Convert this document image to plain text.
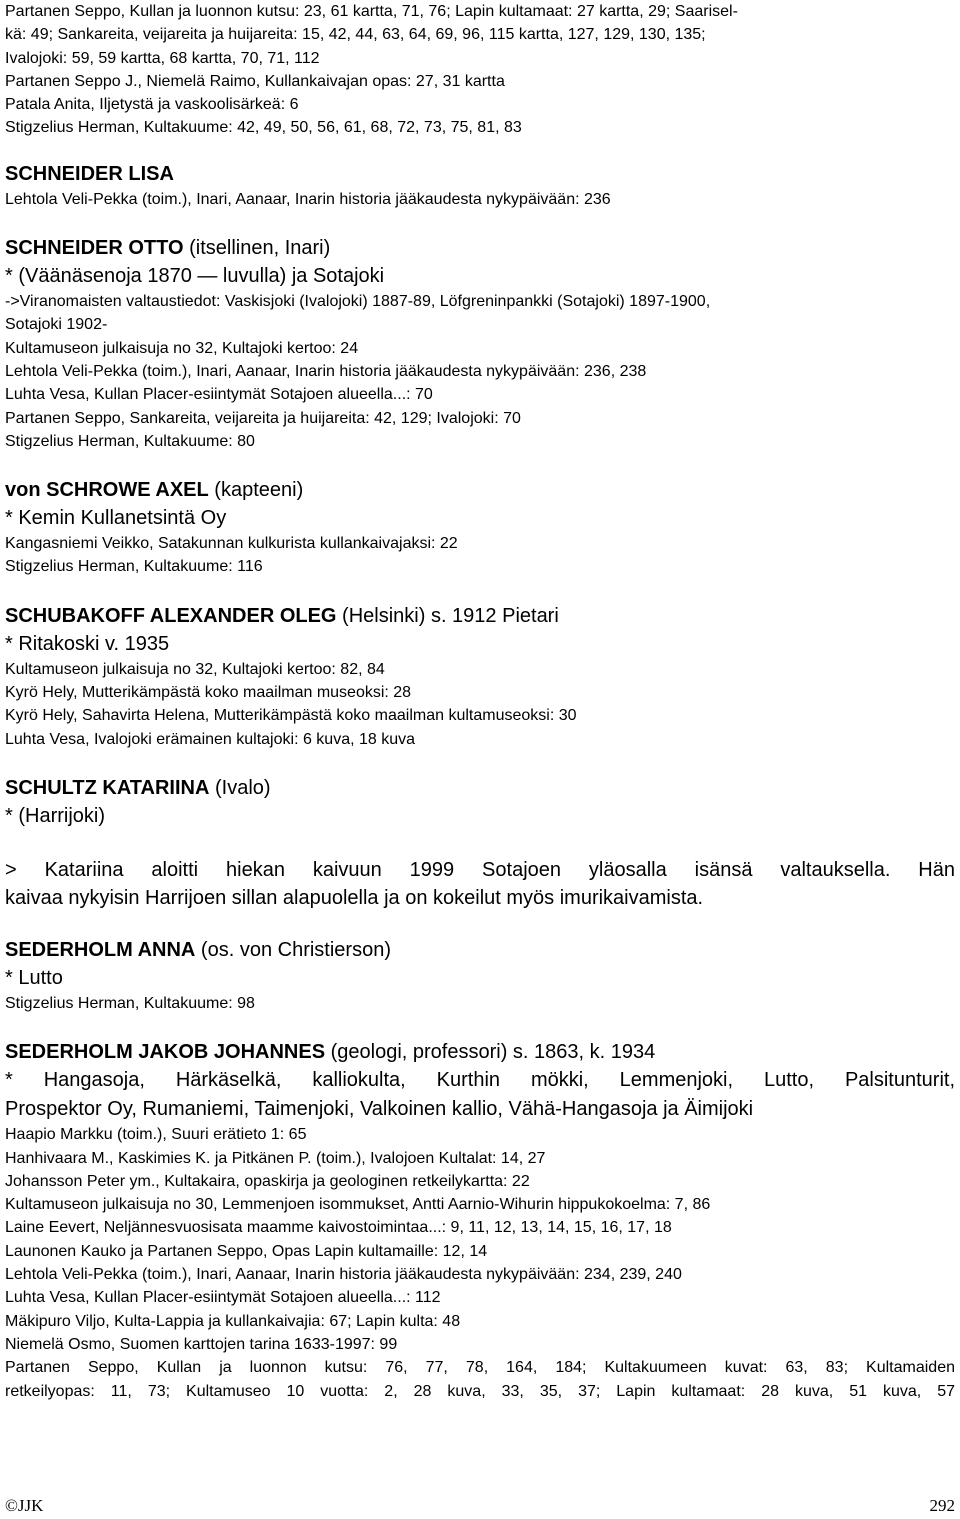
Partanen Seppo, Kullan ja luonnon kutsu: 23, 61 kartta, 71, 76; Lapin kultamaat: 27 kartta, 29; Saarisel-
kä: 49; Sankareita, veijareita ja huijareita: 15, 42, 44, 63, 64, 69, 96, 115 kartta, 127, 129, 130, 135;
Ivalojoki: 59, 59 kartta, 68 kartta, 70, 71, 112
Partanen Seppo J., Niemelä Raimo, Kullankaivajan opas: 27, 31 kartta
Patala Anita, Iljetystä ja vaskoolisärkeä: 6
Stigzelius Herman, Kultakuume: 42, 49, 50, 56, 61, 68, 72, 73, 75, 81, 83
SCHNEIDER LISA
Lehtola Veli-Pekka (toim.), Inari, Aanaar, Inarin historia jääkaudesta nykypäivään: 236
SCHNEIDER OTTO (itsellinen, Inari)
* (Väänäsenoja 1870 — luvulla) ja Sotajoki
->Viranomaisten valtaustiedot: Vaskisjoki (Ivalojoki) 1887-89, Löfgreninpankki (Sotajoki) 1897-1900,
Sotajoki 1902-
Kultamuseon julkaisuja no 32, Kultajoki kertoo: 24
Lehtola Veli-Pekka (toim.), Inari, Aanaar, Inarin historia jääkaudesta nykypäivään: 236, 238
Luhta Vesa, Kullan Placer-esiintymät Sotajoen alueella...: 70
Partanen Seppo, Sankareita, veijareita ja huijareita: 42, 129; Ivalojoki: 70
Stigzelius Herman, Kultakuume: 80
von SCHROWE AXEL (kapteeni)
* Kemin Kullanetsintä Oy
Kangasniemi Veikko, Satakunnan kulkurista kullankaivajaksi: 22
Stigzelius Herman, Kultakuume: 116
SCHUBAKOFF ALEXANDER OLEG (Helsinki) s. 1912 Pietari
* Ritakoski v. 1935
Kultamuseon julkaisuja no 32, Kultajoki kertoo: 82, 84
Kyrö Hely, Mutterikämpästä koko maailman museoksi: 28
Kyrö Hely, Sahavirta Helena, Mutterikämpästä koko maailman kultamuseoksi: 30
Luhta Vesa, Ivalojoki erämainen kultajoki: 6 kuva, 18 kuva
SCHULTZ KATARIINA (Ivalo)
* (Harrijoki)
> Katariina aloitti hiekan kaivuun 1999 Sotajoen yläosalla isänsä valtauksella. Hän
kaivaa nykyisin Harrijoen sillan alapuolella ja on kokeilut myös imurikaivamista.
SEDERHOLM ANNA (os. von Christierson)
* Lutto
Stigzelius Herman, Kultakuume: 98
SEDERHOLM JAKOB JOHANNES (geologi, professori) s. 1863, k. 1934
* Hangasoja, Härkäselkä, kalliokulta, Kurthin mökki, Lemmenjoki, Lutto, Palsitunturit,
Prospektor Oy, Rumaniemi, Taimenjoki, Valkoinen kallio, Vähä-Hangasoja ja Äimijoki
Haapio Markku (toim.), Suuri erätieto 1: 65
Hanhivaara M., Kaskimies K. ja Pitkänen P. (toim.), Ivalojoen Kultalat: 14, 27
Johansson Peter ym., Kultakaira, opaskirja ja geologinen retkeilykartta: 22
Kultamuseon julkaisuja no 30, Lemmenjoen isommukset, Antti Aarnio-Wihurin hippukokoelma: 7, 86
Laine Eevert, Neljännesvuosisata maamme kaivostoimintaa...: 9, 11, 12, 13, 14, 15, 16, 17, 18
Launonen Kauko ja Partanen Seppo, Opas Lapin kultamaille: 12, 14
Lehtola Veli-Pekka (toim.), Inari, Aanaar, Inarin historia jääkaudesta nykypäivään: 234, 239, 240
Luhta Vesa, Kullan Placer-esiintymät Sotajoen alueella...: 112
Mäkipuro Viljo, Kulta-Lappia ja kullankaivajia: 67; Lapin kulta: 48
Niemelä Osmo, Suomen karttojen tarina 1633-1997: 99
Partanen Seppo, Kullan ja luonnon kutsu: 76, 77, 78, 164, 184; Kultakuumeen kuvat: 63, 83; Kultamaiden
retkeilyopas: 11, 73; Kultamuseo 10 vuotta: 2, 28 kuva, 33, 35, 37; Lapin kultamaat: 28 kuva, 51 kuva, 57
©JJK	292
